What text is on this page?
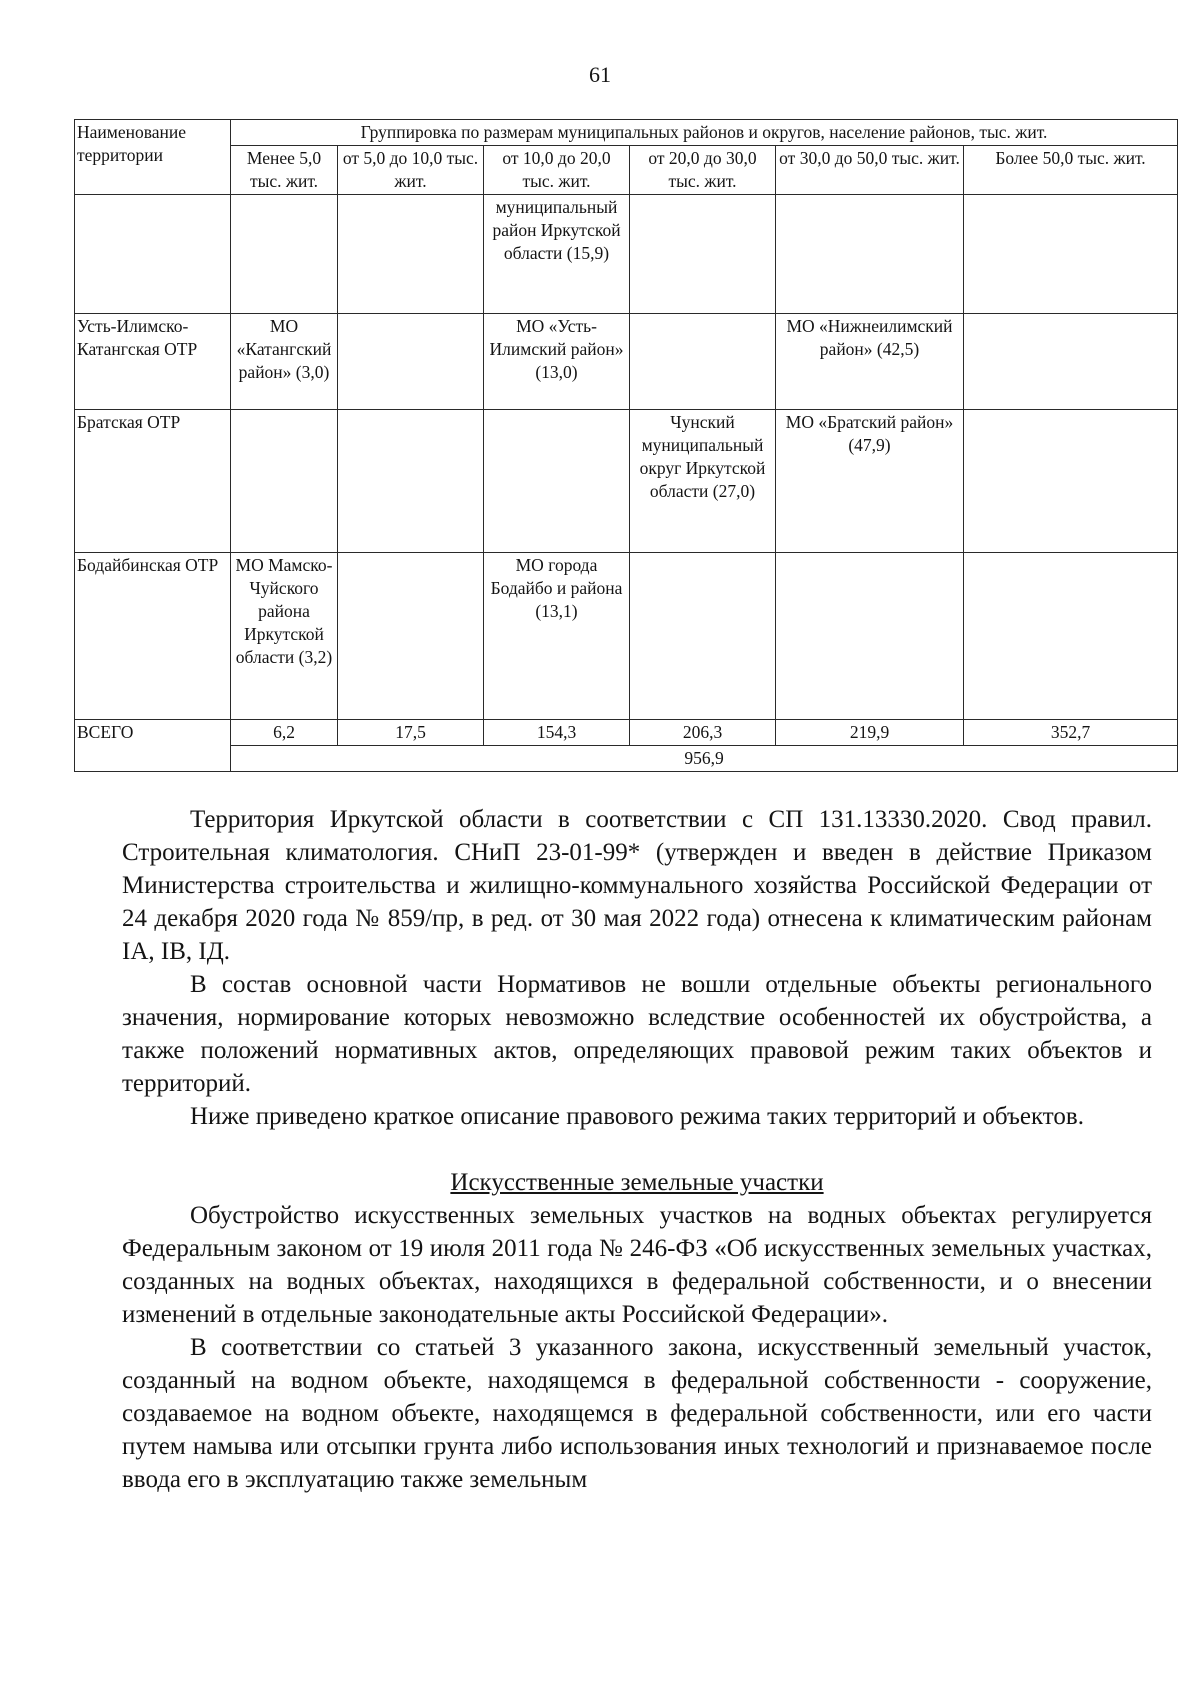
61
Наименование территории	Группировка по размерам муниципальных районов и округов, население районов, тыс. жит.					
	Менее 5,0 тыс. жит.	от 5,0 до 10,0 тыс. жит.	от 10,0 до 20,0 тыс. жит.	от 20,0 до 30,0 тыс. жит.	от 30,0 до 50,0 тыс. жит.	Более 50,0 тыс. жит.
			муниципальный район Иркутской области (15,9)			
Усть-Илимско-Катангская ОТР	МО «Катангский район» (3,0)		МО «Усть-Илимский район» (13,0)		МО «Нижнеилимский район» (42,5)	
Братская ОТР				Чунский муниципальный округ Иркутской области (27,0)	МО «Братский район» (47,9)	
Бодайбинская ОТР	МО Мамско-Чуйского района Иркутской области (3,2)		МО города Бодайбо и района (13,1)			
ВСЕГО	6,2	17,5	154,3	206,3	219,9	352,7
	956,9					

Территория Иркутской области в соответствии с СП 131.13330.2020. Свод правил. Строительная климатология. СНиП 23-01-99* (утвержден и введен в действие Приказом Министерства строительства и жилищно-коммунального хозяйства Российской Федерации от 24 декабря 2020 года № 859/пр, в ред. от 30 мая 2022 года) отнесена к климатическим районам IА, IВ, IД.

В состав основной части Нормативов не вошли отдельные объекты регионального значения, нормирование которых невозможно вследствие особенностей их обустройства, а также положений нормативных актов, определяющих правовой режим таких объектов и территорий.

Ниже приведено краткое описание правового режима таких территорий и объектов.

Искусственные земельные участки

Обустройство искусственных земельных участков на водных объектах регулируется Федеральным законом от 19 июля 2011 года № 246-ФЗ «Об искусственных земельных участках, созданных на водных объектах, находящихся в федеральной собственности, и о внесении изменений в отдельные законодательные акты Российской Федерации».

В соответствии со статьей 3 указанного закона, искусственный земельный участок, созданный на водном объекте, находящемся в федеральной собственности - сооружение, создаваемое на водном объекте, находящемся в федеральной собственности, или его части путем намыва или отсыпки грунта либо использования иных технологий и признаваемое после ввода его в эксплуатацию также земельным
